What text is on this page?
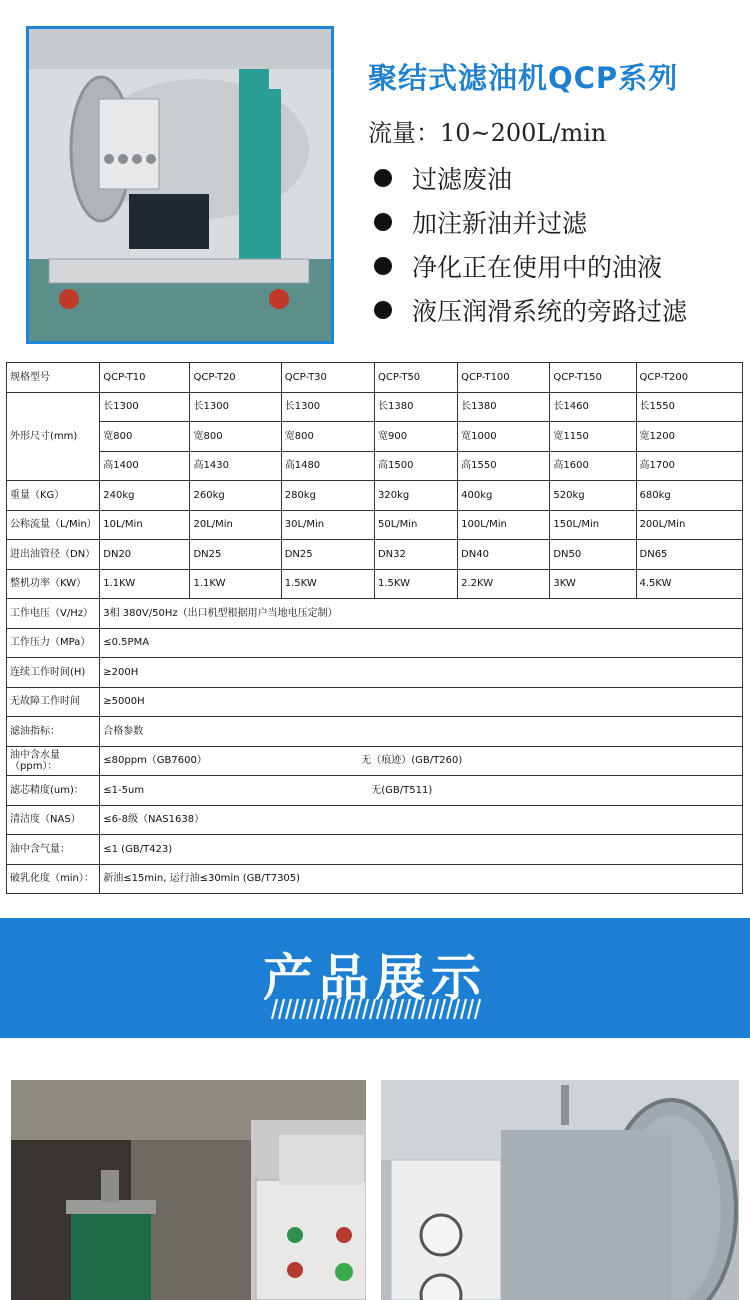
聚结式滤油机QCP系列
流量：10~200L/min
过滤废油
加注新油并过滤
净化正在使用中的油液
液压润滑系统的旁路过滤
规格型号	QCP-T10	QCP-T20	QCP-T30	QCP-T50	QCP-T100	QCP-T150	QCP-T200
外形尺寸(mm)	长1300	长1300	长1300	长1380	长1380	长1460	长1550
	宽800	宽800	宽800	宽900	宽1000	宽1150	宽1200
	高1400	高1430	高1480	高1500	高1550	高1600	高1700
重量（KG）	240kg	260kg	280kg	320kg	400kg	520kg	680kg
公称流量（L/Min）	10L/Min	20L/Min	30L/Min	50L/Min	100L/Min	150L/Min	200L/Min
进出油管径（DN）	DN20	DN25	DN25	DN32	DN40	DN50	DN65
整机功率（KW）	1.1KW	1.1KW	1.5KW	1.5KW	2.2KW	3KW	4.5KW
工作电压（V/Hz）	3相 380V/50Hz（出口机型根据用户当地电压定制）						
工作压力（MPa）	≤0.5PMA						
连续工作时间(H)	≥200H						
无故障工作时间	≥5000H						
滤油指标：	合格参数						
油中含水量（ppm）：	≤80ppm（GB7600） 无（痕迹）(GB/T260)						
滤芯精度(um)：	≤1-5um 无(GB/T511)						
清洁度（NAS）	≤6-8级（NAS1638）						
油中含气量：	≤1 (GB/T423)						
破乳化度（min）：	新油≤15min, 运行油≤30min (GB/T7305)						
产品展示
